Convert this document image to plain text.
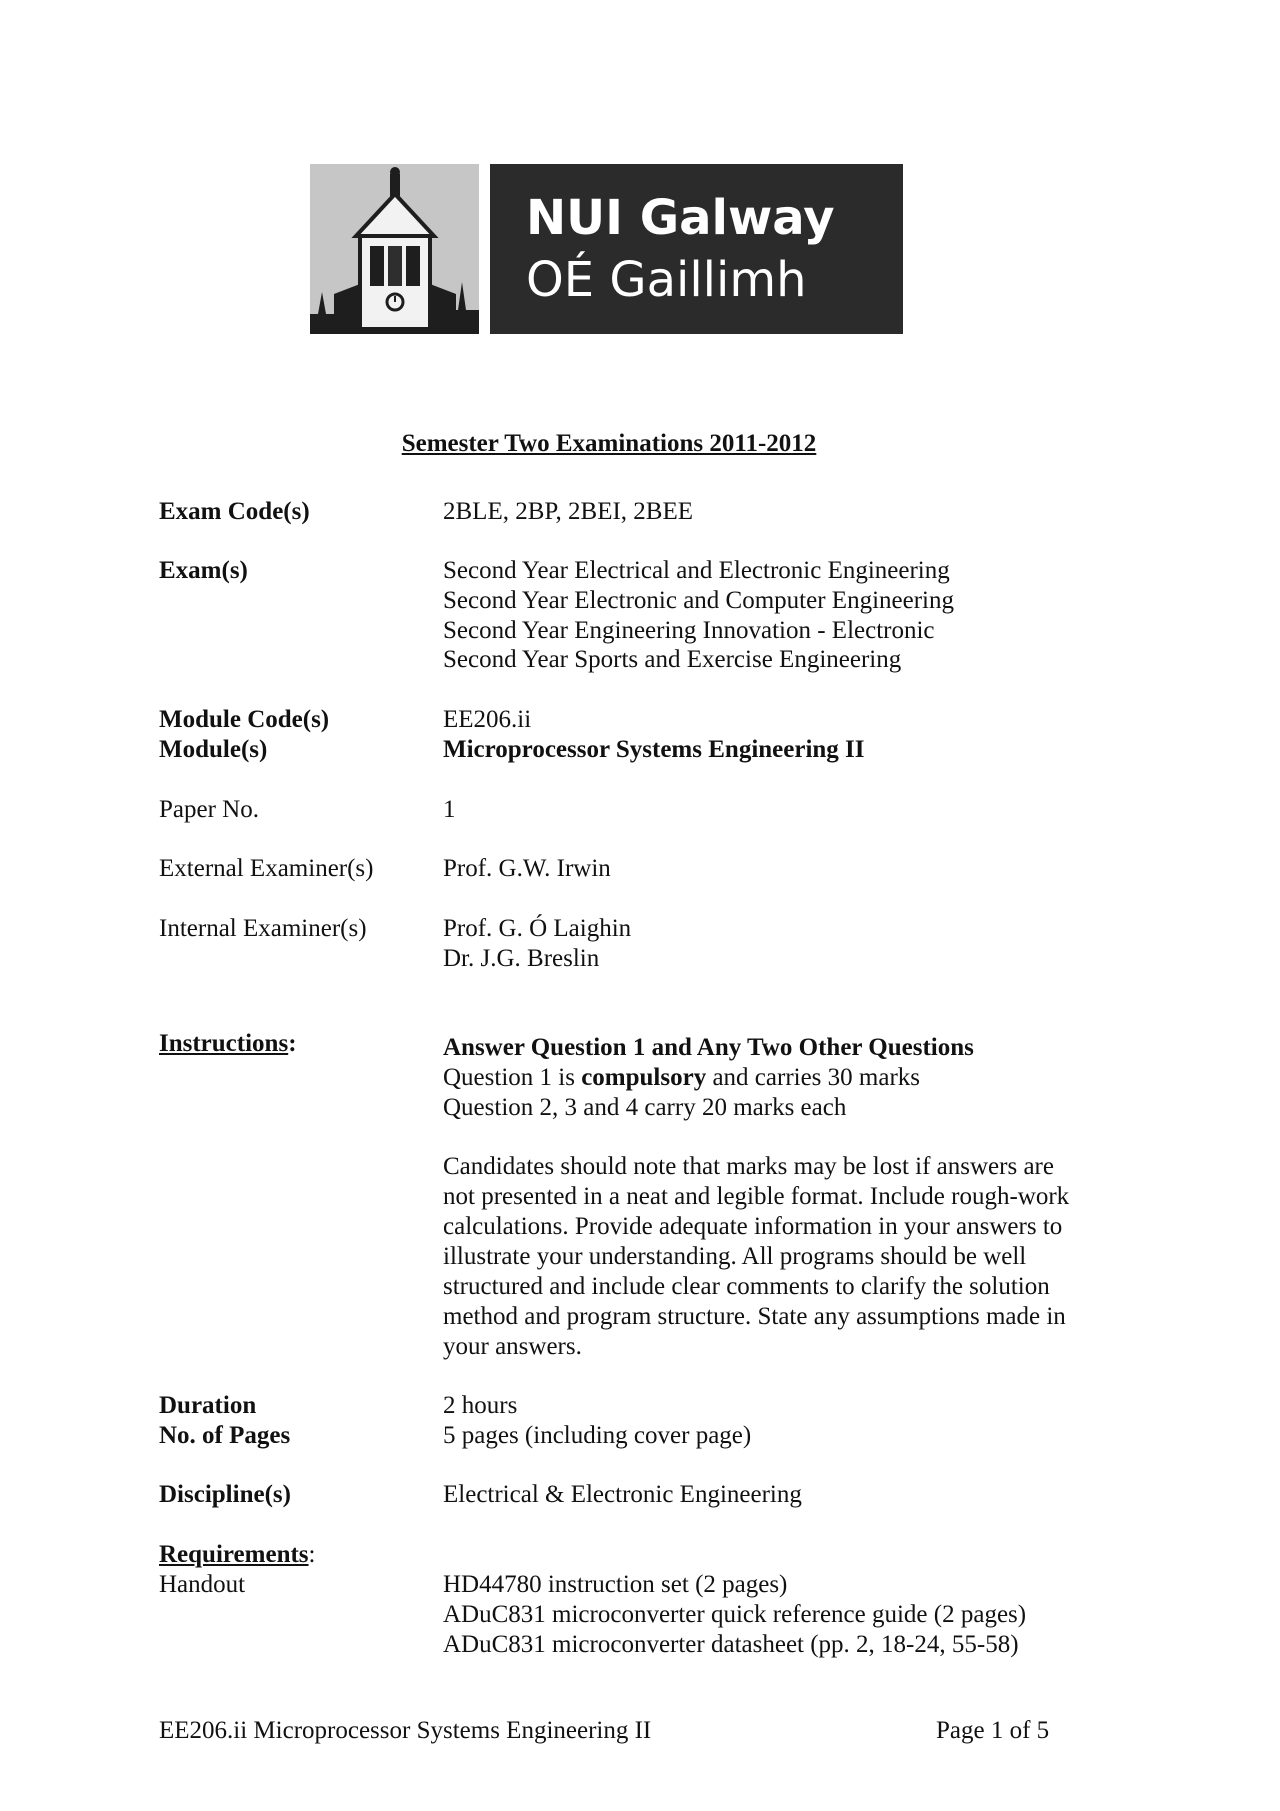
NUI Galway
OÉ Gaillimh
Semester Two Examinations 2011-2012
Exam Code(s)	2BLE, 2BP, 2BEI, 2BEE
Exam(s)	Second Year Electrical and Electronic Engineering
Second Year Electronic and Computer Engineering
Second Year Engineering Innovation - Electronic
Second Year Sports and Exercise Engineering
Module Code(s)	EE206.ii
Module(s)	Microprocessor Systems Engineering II
Paper No.	1
External Examiner(s)	Prof. G.W. Irwin
Internal Examiner(s)	Prof. G. Ó Laighin
Dr. J.G. Breslin
Instructions:	Answer Question 1 and Any Two Other Questions
Question 1 is compulsory and carries 30 marks
Question 2, 3 and 4 carry 20 marks each
Candidates should note that marks may be lost if answers are not presented in a neat and legible format. Include rough-work calculations. Provide adequate information in your answers to illustrate your understanding. All programs should be well structured and include clear comments to clarify the solution method and program structure. State any assumptions made in your answers.
Duration	2 hours
No. of Pages	5 pages (including cover page)
Discipline(s)	Electrical & Electronic Engineering
Requirements:
Handout	HD44780 instruction set (2 pages)
ADuC831 microconverter quick reference guide (2 pages)
ADuC831 microconverter datasheet (pp. 2, 18-24, 55-58)
EE206.ii Microprocessor Systems Engineering II	Page 1 of 5
